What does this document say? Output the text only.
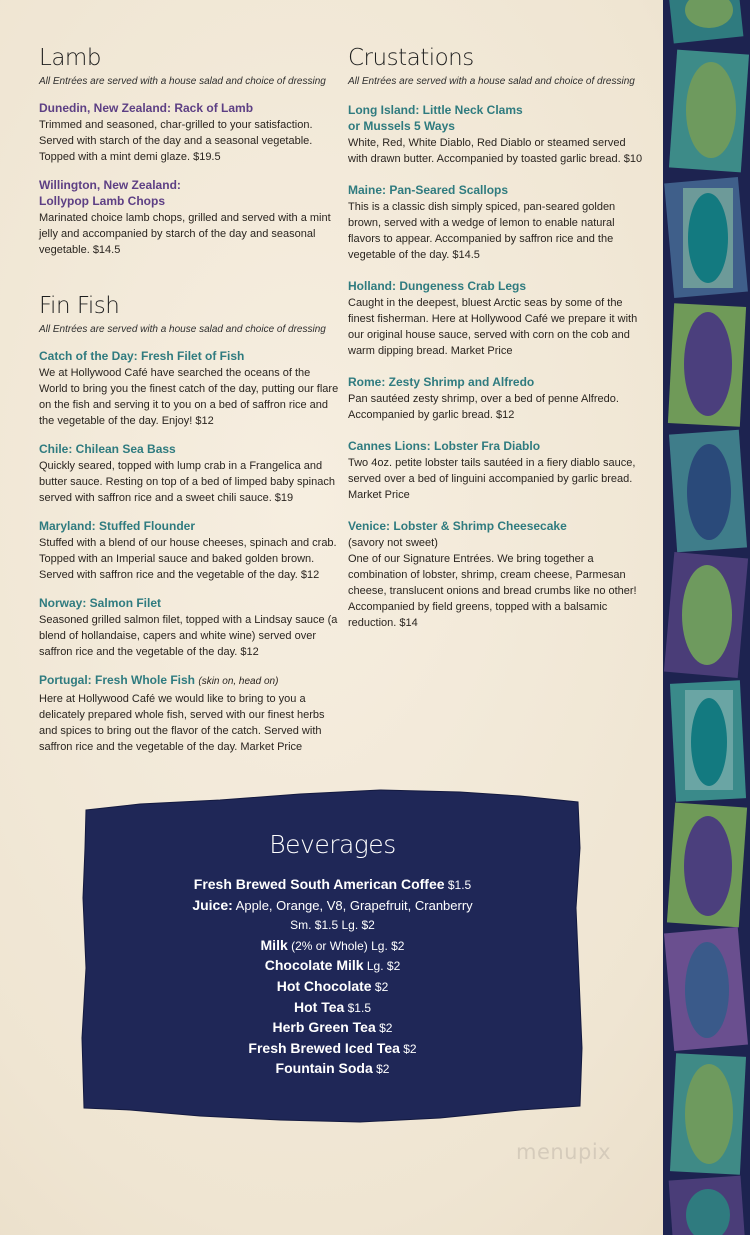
Lamb
All Entrées are served with a house salad and choice of dressing
Dunedin, New Zealand: Rack of Lamb
Trimmed and seasoned, char-grilled to your satisfaction. Served with starch of the day and a seasonal vegetable. Topped with a mint demi glaze. $19.5
Willington, New Zealand:
Lollypop Lamb Chops
Marinated choice lamb chops, grilled and served with a mint jelly and accompanied by starch of the day and seasonal vegetable. $14.5
Fin Fish
All Entrées are served with a house salad and choice of dressing
Catch of the Day: Fresh Filet of Fish
We at Hollywood Café have searched the oceans of the World to bring you the finest catch of the day, putting our flare on the fish and serving it to you on a bed of saffron rice and the vegetable of the day. Enjoy! $12
Chile: Chilean Sea Bass
Quickly seared, topped with lump crab in a Frangelica and butter sauce. Resting on top of a bed of limped baby spinach served with saffron rice and a sweet chili sauce. $19
Maryland: Stuffed Flounder
Stuffed with a blend of our house cheeses, spinach and crab. Topped with an Imperial sauce and baked golden brown. Served with saffron rice and the vegetable of the day. $12
Norway: Salmon Filet
Seasoned grilled salmon filet, topped with a Lindsay sauce (a blend of hollandaise, capers and white wine) served over saffron rice and the vegetable of the day. $12
Portugal: Fresh Whole Fish (skin on, head on)
Here at Hollywood Café we would like to bring to you a delicately prepared whole fish, served with our finest herbs and spices to bring out the flavor of the catch. Served with saffron rice and the vegetable of the day. Market Price
Crustations
All Entrées are served with a house salad and choice of dressing
Long Island: Little Neck Clams
or Mussels 5 Ways
White, Red, White Diablo, Red Diablo or steamed served with drawn butter. Accompanied by toasted garlic bread. $10
Maine: Pan-Seared Scallops
This is a classic dish simply spiced, pan-seared golden brown, served with a wedge of lemon to enable natural flavors to appear. Accompanied by saffron rice and the vegetable of the day. $14.5
Holland: Dungeness Crab Legs
Caught in the deepest, bluest Arctic seas by some of the finest fisherman. Here at Hollywood Café we prepare it with our original house sauce, served with corn on the cob and warm dipping bread. Market Price
Rome: Zesty Shrimp and Alfredo
Pan sautéed zesty shrimp, over a bed of penne Alfredo. Accompanied by garlic bread. $12
Cannes Lions: Lobster Fra Diablo
Two 4oz. petite lobster tails sautéed in a fiery diablo sauce, served over a bed of linguini accompanied by garlic bread. Market Price
Venice: Lobster & Shrimp Cheesecake
(savory not sweet)
One of our Signature Entrées. We bring together a combination of lobster, shrimp, cream cheese, Parmesan cheese, translucent onions and bread crumbs like no other! Accompanied by field greens, topped with a balsamic reduction. $14
Beverages
Fresh Brewed South American Coffee $1.5
Juice: Apple, Orange, V8, Grapefruit, Cranberry
Sm. $1.5 Lg. $2
Milk (2% or Whole) Lg. $2
Chocolate Milk Lg. $2
Hot Chocolate $2
Hot Tea $1.5
Herb Green Tea $2
Fresh Brewed Iced Tea $2
Fountain Soda $2
menupix
